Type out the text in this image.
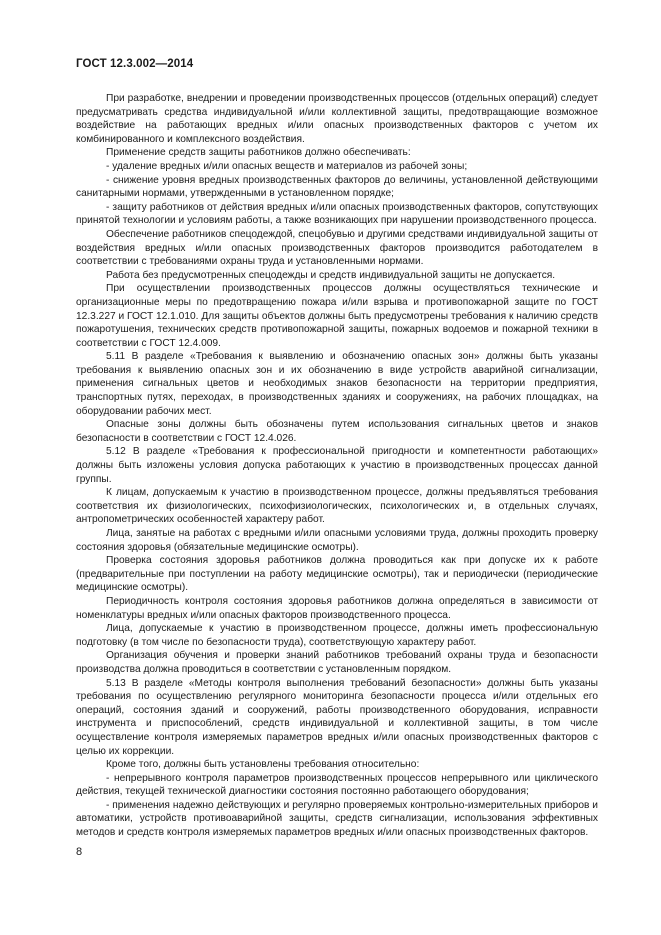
ГОСТ 12.3.002—2014

При разработке, внедрении и проведении производственных процессов (отдельных операций) следует предусматривать средства индивидуальной и/или коллективной защиты, предотвращающие возможное воздействие на работающих вредных и/или опасных производственных факторов с учетом их комбинированного и комплексного воздействия.

Применение средств защиты работников должно обеспечивать:

- удаление вредных и/или опасных веществ и материалов из рабочей зоны;

- снижение уровня вредных производственных факторов до величины, установленной действующими санитарными нормами, утвержденными в установленном порядке;

- защиту работников от действия вредных и/или опасных производственных факторов, сопутствующих принятой технологии и условиям работы, а также возникающих при нарушении производственного процесса.

Обеспечение работников спецодеждой, спецобувью и другими средствами индивидуальной защиты от воздействия вредных и/или опасных производственных факторов производится работодателем в соответствии с требованиями охраны труда и установленными нормами.

Работа без предусмотренных спецодежды и средств индивидуальной защиты не допускается.

При осуществлении производственных процессов должны осуществляться технические и организационные меры по предотвращению пожара и/или взрыва и противопожарной защите по ГОСТ 12.3.227 и ГОСТ 12.1.010. Для защиты объектов должны быть предусмотрены требования к наличию средств пожаротушения, технических средств противопожарной защиты, пожарных водоемов и пожарной техники в соответствии с ГОСТ 12.4.009.

5.11 В разделе «Требования к выявлению и обозначению опасных зон» должны быть указаны требования к выявлению опасных зон и их обозначению в виде устройств аварийной сигнализации, применения сигнальных цветов и необходимых знаков безопасности на территории предприятия, транспортных путях, переходах, в производственных зданиях и сооружениях, на рабочих площадках, на оборудовании рабочих мест.

Опасные зоны должны быть обозначены путем использования сигнальных цветов и знаков безопасности в соответствии с ГОСТ 12.4.026.

5.12 В разделе «Требования к профессиональной пригодности и компетентности работающих» должны быть изложены условия допуска работающих к участию в производственных процессах данной группы.

К лицам, допускаемым к участию в производственном процессе, должны предъявляться требования соответствия их физиологических, психофизиологических, психологических и, в отдельных случаях, антропометрических особенностей характеру работ.

Лица, занятые на работах с вредными и/или опасными условиями труда, должны проходить проверку состояния здоровья (обязательные медицинские осмотры).

Проверка состояния здоровья работников должна проводиться как при допуске их к работе (предварительные при поступлении на работу медицинские осмотры), так и периодически (периодические медицинские осмотры).

Периодичность контроля состояния здоровья работников должна определяться в зависимости от номенклатуры вредных и/или опасных факторов производственного процесса.

Лица, допускаемые к участию в производственном процессе, должны иметь профессиональную подготовку (в том числе по безопасности труда), соответствующую характеру работ.

Организация обучения и проверки знаний работников требований охраны труда и безопасности производства должна проводиться в соответствии с установленным порядком.

5.13 В разделе «Методы контроля выполнения требований безопасности» должны быть указаны требования по осуществлению регулярного мониторинга безопасности процесса и/или отдельных его операций, состояния зданий и сооружений, работы производственного оборудования, исправности инструмента и приспособлений, средств индивидуальной и коллективной защиты, в том числе осуществление контроля измеряемых параметров вредных и/или опасных производственных факторов с целью их коррекции.

Кроме того, должны быть установлены требования относительно:

- непрерывного контроля параметров производственных процессов непрерывного или циклического действия, текущей технической диагностики состояния постоянно работающего оборудования;

- применения надежно действующих и регулярно проверяемых контрольно-измерительных приборов и автоматики, устройств противоаварийной защиты, средств сигнализации, использования эффективных методов и средств контроля измеряемых параметров вредных и/или опасных производственных факторов.

8
